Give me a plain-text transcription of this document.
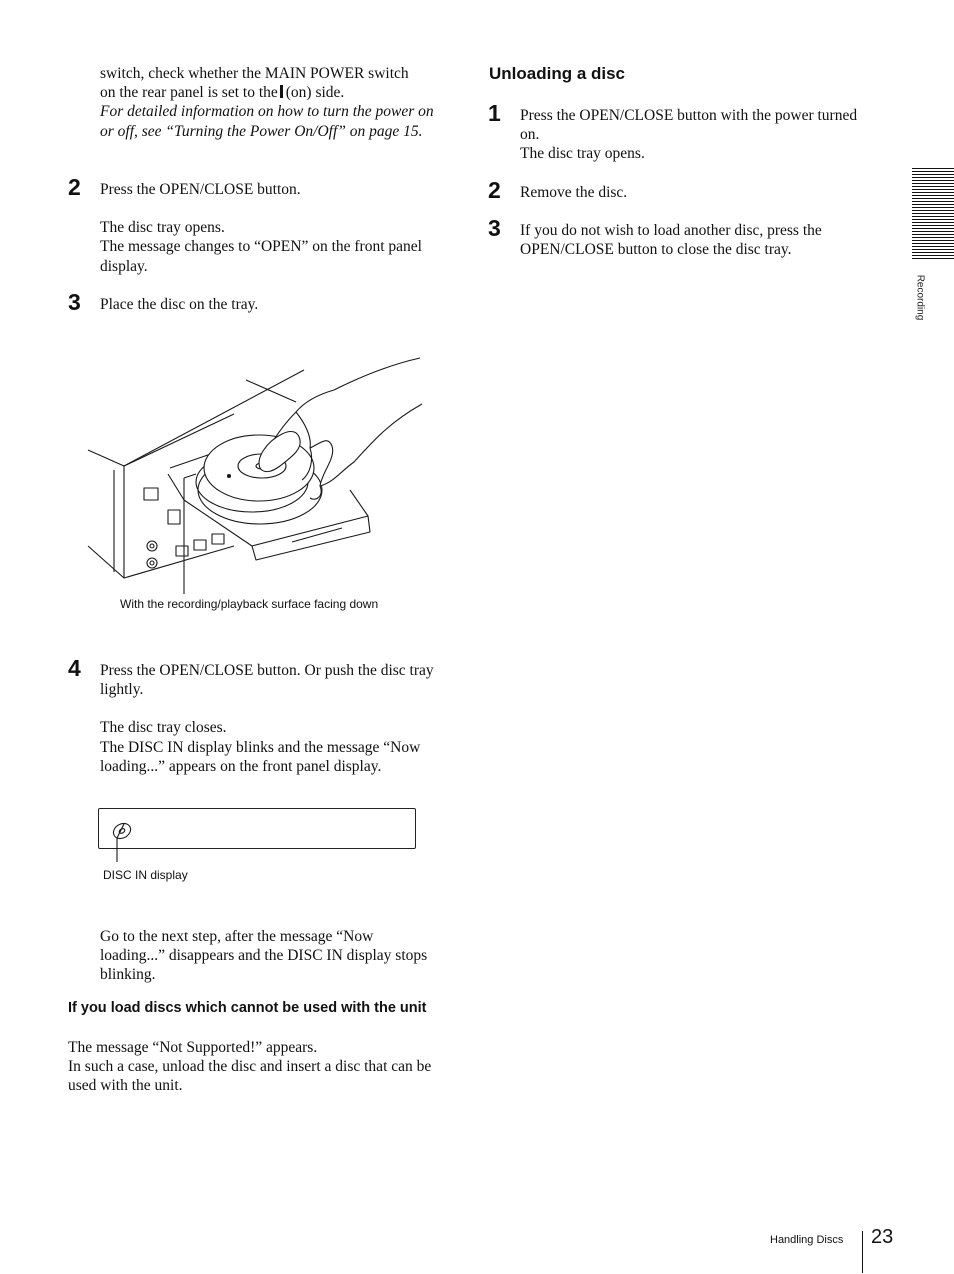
switch, check whether the MAIN POWER switch
on the rear panel is set to the (on) side.
For detailed information on how to turn the power on or off, see “Turning the Power On/Off” on page 15.
2 Press the OPEN/CLOSE button.
The disc tray opens.
The message changes to “OPEN” on the front panel display.
3 Place the disc on the tray.
With the recording/playback surface facing down
4 Press the OPEN/CLOSE button. Or push the disc tray lightly.
The disc tray closes.
The DISC IN display blinks and the message “Now loading...” appears on the front panel display.
DISC IN display
Go to the next step, after the message “Now loading...” disappears and the DISC IN display stops blinking.
If you load discs which cannot be used with the unit
The message “Not Supported!” appears.
In such a case, unload the disc and insert a disc that can be used with the unit.
Unloading a disc
1 Press the OPEN/CLOSE button with the power turned on.
The disc tray opens.
2 Remove the disc.
3 If you do not wish to load another disc, press the OPEN/CLOSE button to close the disc tray.
Recording
Handling Discs 23
